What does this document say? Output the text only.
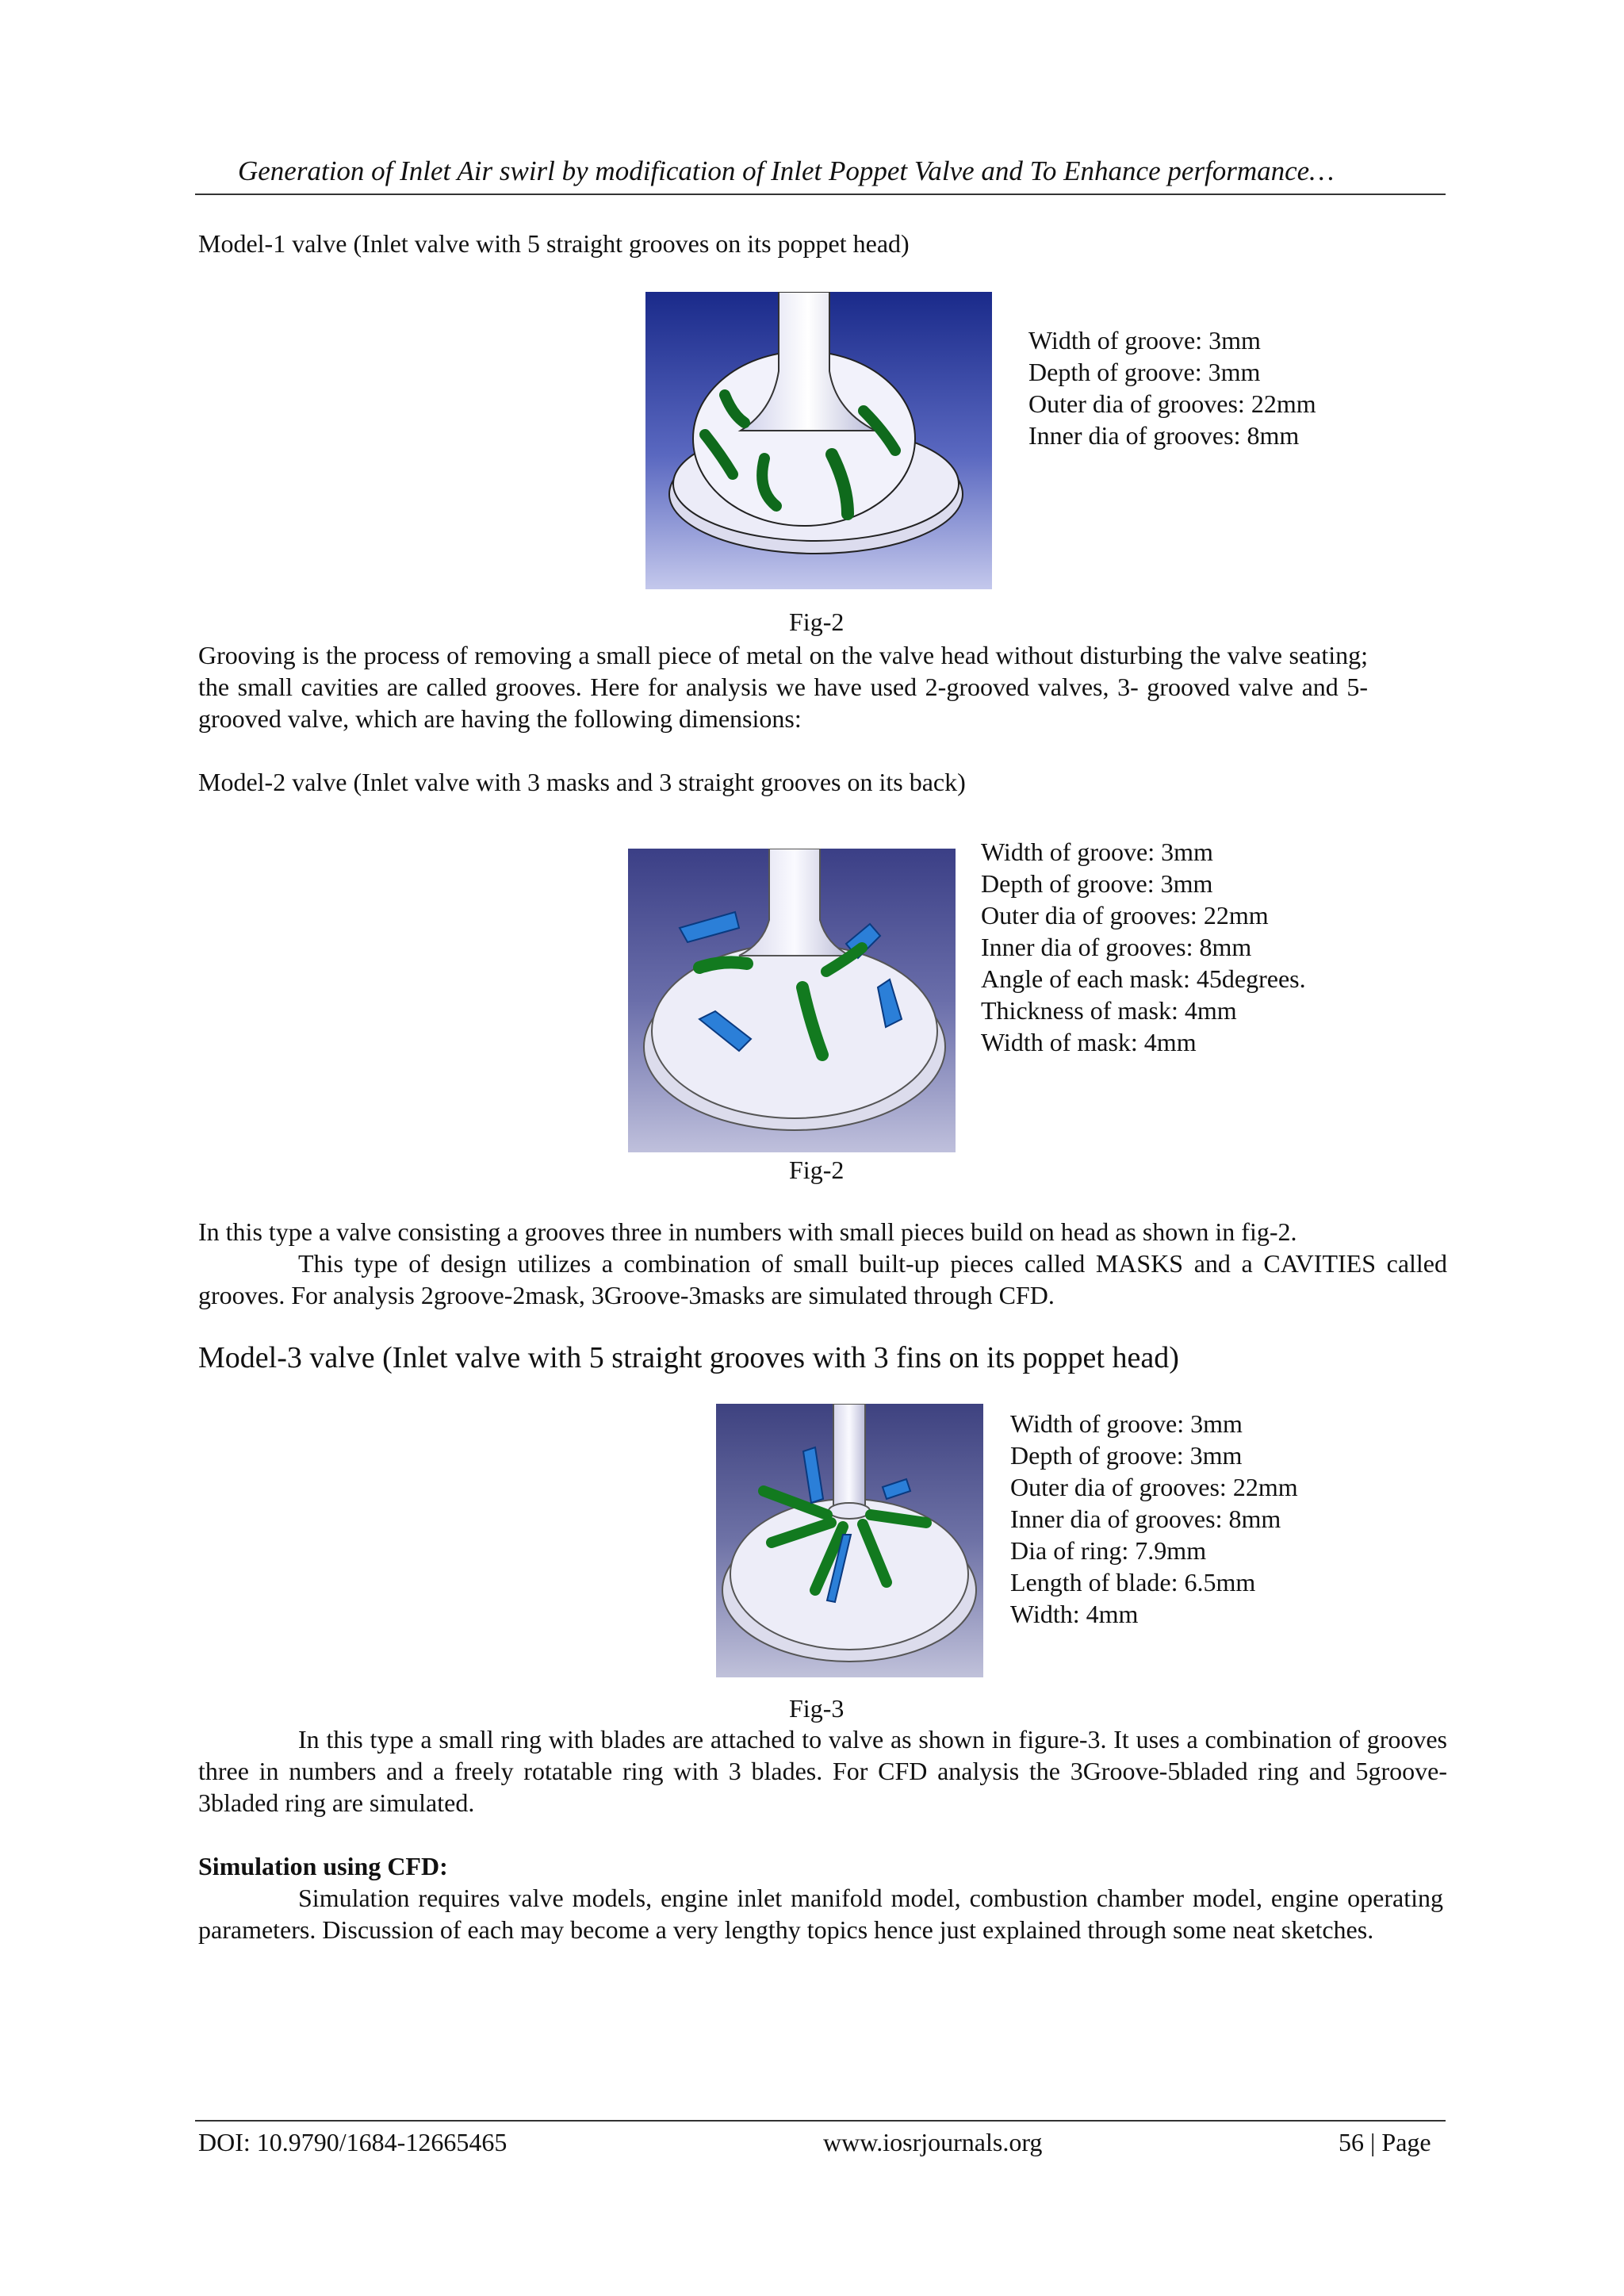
Generation of Inlet Air swirl by modification of Inlet Poppet Valve and To Enhance performance…
Model-1 valve (Inlet valve with 5 straight grooves on its poppet head)
Width of groove: 3mm
Depth of groove: 3mm
Outer dia of grooves: 22mm
Inner dia of grooves: 8mm
Fig-2
Grooving is the process of removing a small piece of metal on the valve head without disturbing the valve seating; the small cavities are called grooves. Here for analysis we have used 2-grooved valves, 3- grooved valve and 5- grooved valve, which are having the following dimensions:
Model-2 valve (Inlet valve with 3 masks and 3 straight grooves on its back)
Width of groove: 3mm
Depth of groove: 3mm
Outer dia of grooves: 22mm
Inner dia of grooves: 8mm
Angle of each mask: 45degrees.
Thickness of mask: 4mm
Width of mask: 4mm
Fig-2
In this type a valve consisting a grooves three in numbers with small pieces build on head as shown in fig-2.
This type of design utilizes a combination of small built-up pieces called MASKS and a CAVITIES called grooves. For analysis 2groove-2mask, 3Groove-3masks are simulated through CFD.
Model-3 valve (Inlet valve with 5 straight grooves with 3 fins on its poppet head)
Width of groove: 3mm
Depth of groove: 3mm
Outer dia of grooves: 22mm
Inner dia of grooves: 8mm
Dia of ring: 7.9mm
Length of blade: 6.5mm
Width: 4mm
Fig-3
In this type a small ring with blades are attached to valve as shown in figure-3. It uses a combination of grooves three in numbers and a freely rotatable ring with 3 blades. For CFD analysis the 3Groove-5bladed ring and 5groove-3bladed ring are simulated.
Simulation using CFD:
Simulation requires valve models, engine inlet manifold model, combustion chamber model, engine operating parameters. Discussion of each may become a very lengthy topics hence just explained through some neat sketches.
DOI: 10.9790/1684-12665465	www.iosrjournals.org	56 | Page
